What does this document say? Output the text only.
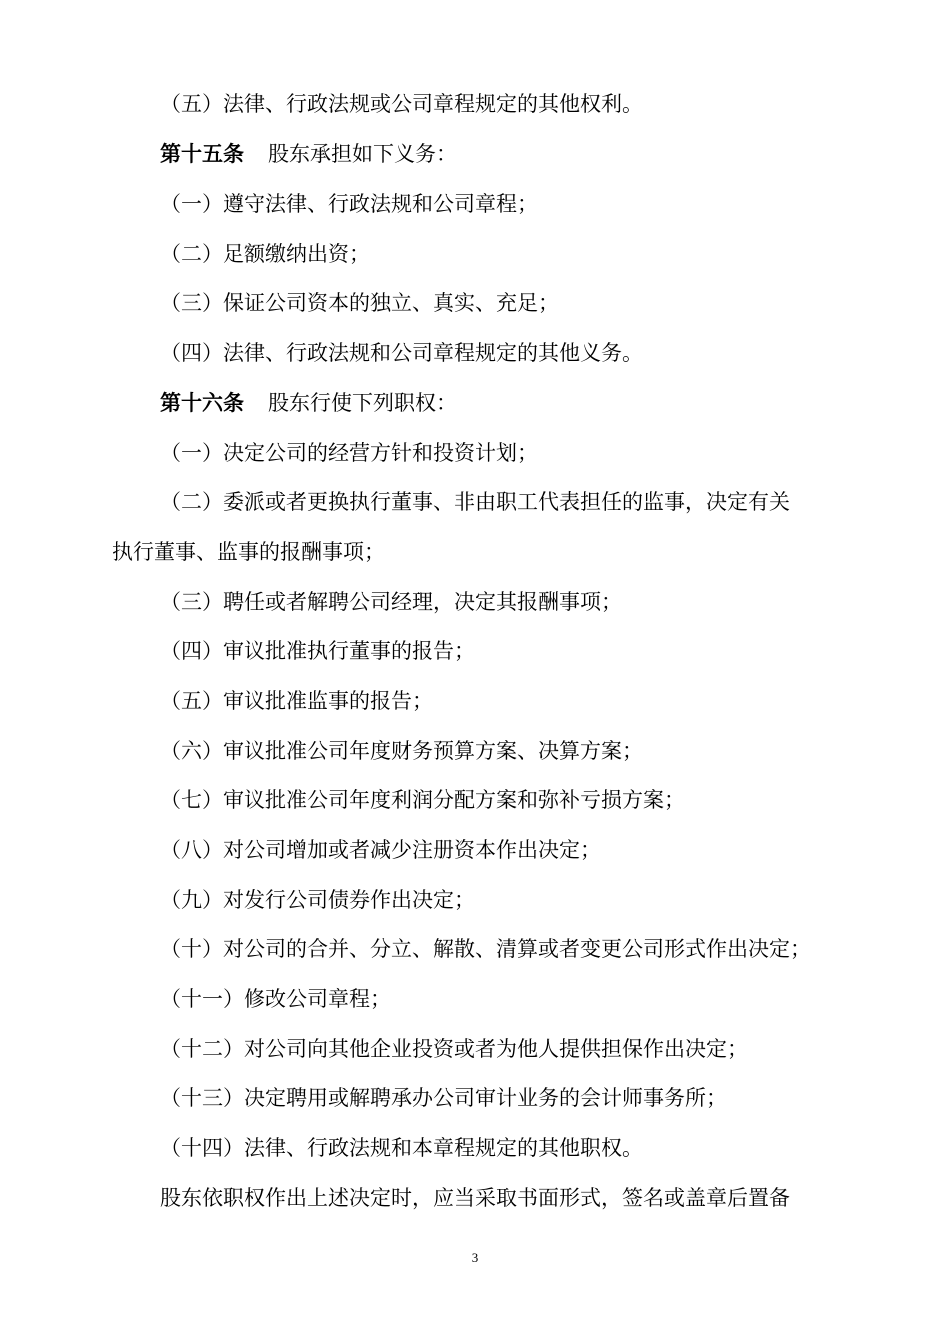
（五）法律、行政法规或公司章程规定的其他权利。
第十五条 股东承担如下义务：
（一）遵守法律、行政法规和公司章程；
（二）足额缴纳出资；
（三）保证公司资本的独立、真实、充足；
（四）法律、行政法规和公司章程规定的其他义务。
第十六条 股东行使下列职权：
（一）决定公司的经营方针和投资计划；
（二）委派或者更换执行董事、非由职工代表担任的监事，决定有关
执行董事、监事的报酬事项；
（三）聘任或者解聘公司经理，决定其报酬事项；
（四）审议批准执行董事的报告；
（五）审议批准监事的报告；
（六）审议批准公司年度财务预算方案、决算方案；
（七）审议批准公司年度利润分配方案和弥补亏损方案；
（八）对公司增加或者减少注册资本作出决定；
（九）对发行公司债券作出决定；
（十）对公司的合并、分立、解散、清算或者变更公司形式作出决定；
（十一）修改公司章程；
（十二）对公司向其他企业投资或者为他人提供担保作出决定；
（十三）决定聘用或解聘承办公司审计业务的会计师事务所；
（十四）法律、行政法规和本章程规定的其他职权。
股东依职权作出上述决定时，应当采取书面形式，签名或盖章后置备
3
